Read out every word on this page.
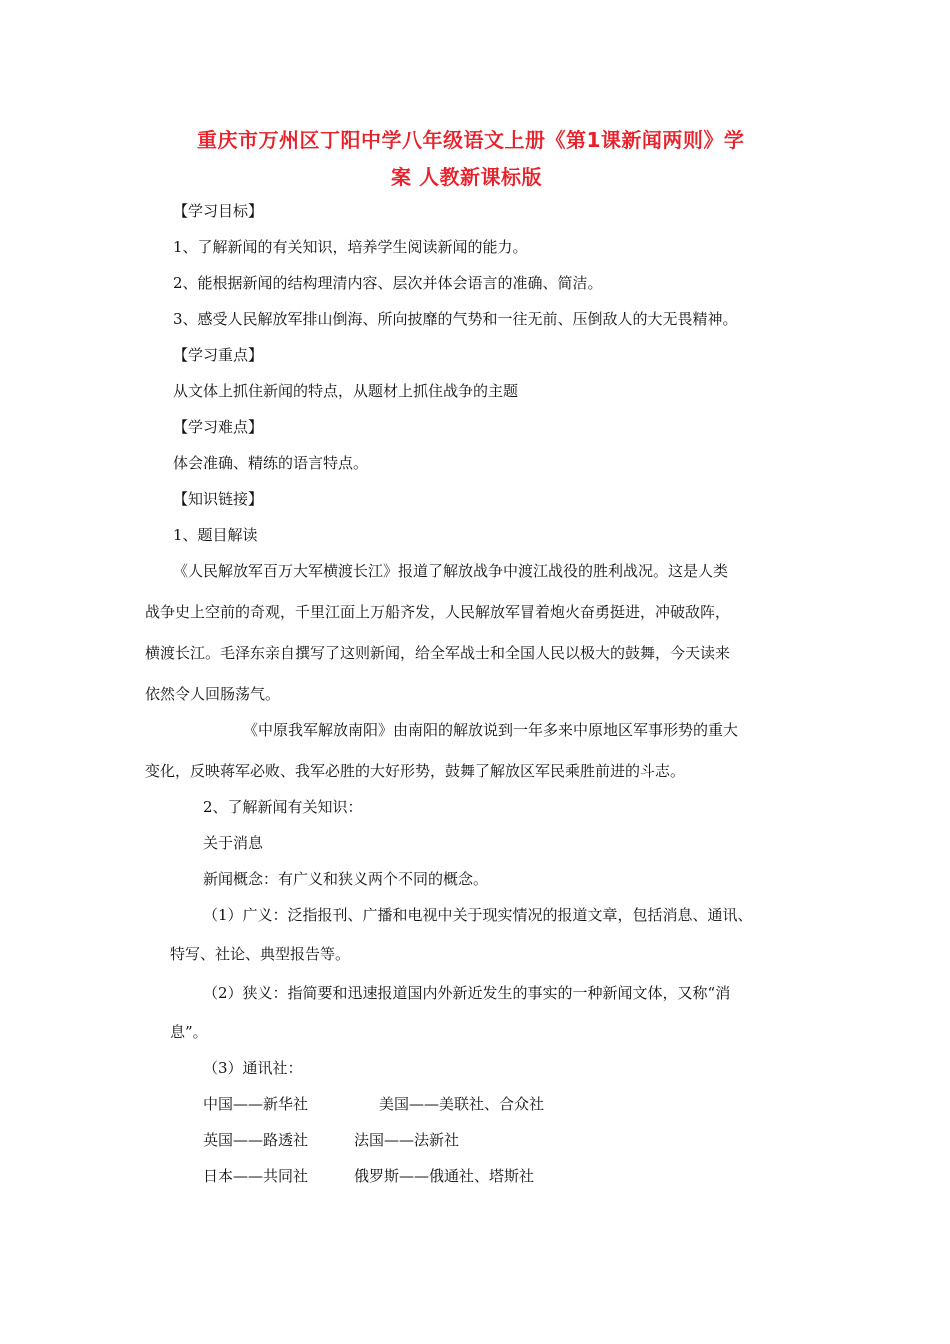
重庆市万州区丁阳中学八年级语文上册《第1课新闻两则》学
案 人教新课标版
【学习目标】
1、了解新闻的有关知识，培养学生阅读新闻的能力。
2、能根据新闻的结构理清内容、层次并体会语言的准确、简洁。
3、感受人民解放军排山倒海、所向披靡的气势和一往无前、压倒敌人的大无畏精神。
【学习重点】
从文体上抓住新闻的特点，从题材上抓住战争的主题
【学习难点】
体会准确、精练的语言特点。
【知识链接】
1、题目解读
《人民解放军百万大军横渡长江》报道了解放战争中渡江战役的胜利战况。这是人类
战争史上空前的奇观，千里江面上万船齐发，人民解放军冒着炮火奋勇挺进，冲破敌阵，
横渡长江。毛泽东亲自撰写了这则新闻，给全军战士和全国人民以极大的鼓舞，今天读来
依然令人回肠荡气。
《中原我军解放南阳》由南阳的解放说到一年多来中原地区军事形势的重大
变化，反映蒋军必败、我军必胜的大好形势，鼓舞了解放区军民乘胜前进的斗志。
2、了解新闻有关知识：
关于消息
新闻概念：有广义和狭义两个不同的概念。
（1）广义：泛指报刊、广播和电视中关于现实情况的报道文章，包括消息、通讯、
特写、社论、典型报告等。
（2）狭义：指简要和迅速报道国内外新近发生的事实的一种新闻文体，又称“消
息”。
（3）通讯社：
中国——新华社	美国——美联社、合众社
英国——路透社	法国——法新社
日本——共同社	俄罗斯——俄通社、塔斯社
